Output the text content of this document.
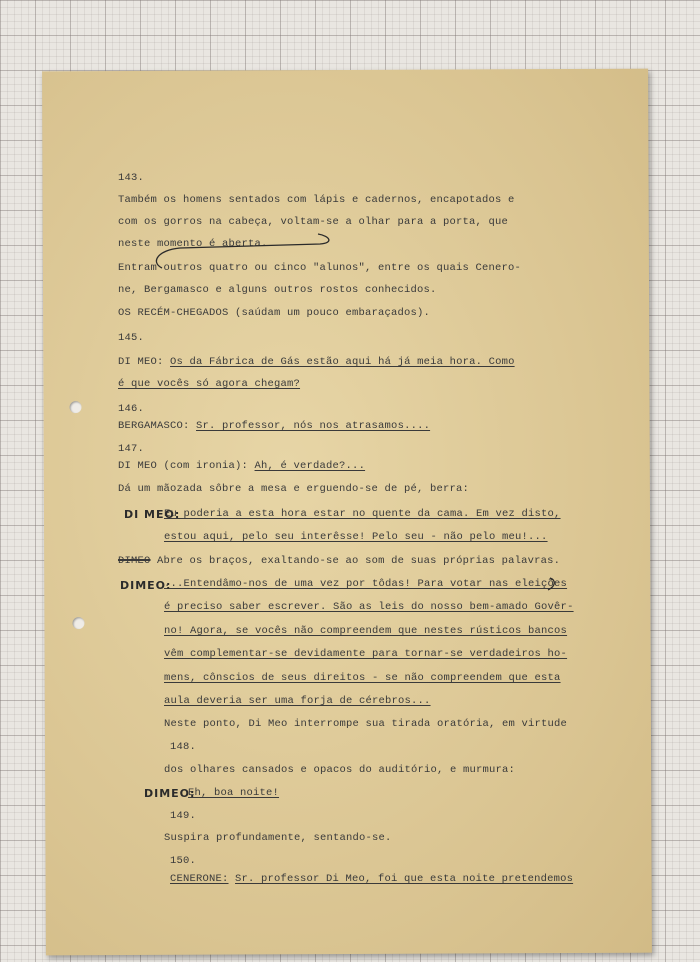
143.
Também os homens sentados com lápis e cadernos, encapotados e
com os gorros na cabeça, voltam-se a olhar para a porta, que
neste momento é aberta.
Entram outros quatro ou cinco "alunos", entre os quais Cenero-
ne, Bergamasco e alguns outros rostos conhecidos.
OS RECÉM-CHEGADOS (saúdam um pouco embaraçados).
145.
DI MEO: Os da Fábrica de Gás estão aqui há já meia hora. Como
é que vocês só agora chegam?
146.
BERGAMASCO: Sr. professor, nós nos atrasamos....
147.
DI MEO (com ironia): Ah, é verdade?...
Dá um mãozada sôbre a mesa e erguendo-se de pé, berra:
Eu poderia a esta hora estar no quente da cama. Em vez disto,
estou aqui, pelo seu interêsse! Pelo seu - não pelo meu!...
DIMEO Abre os braços, exaltando-se ao som de suas próprias palavras.
...Entendâmo-nos de uma vez por tôdas! Para votar nas eleições
é preciso saber escrever. São as leis do nosso bem-amado Govêr-
no! Agora, se vocês não compreendem que nestes rústicos bancos
vêm complementar-se devidamente para tornar-se verdadeiros ho-
mens, cônscios de seus direitos - se não compreendem que esta
aula deveria ser uma forja de cérebros...
Neste ponto, Di Meo interrompe sua tirada oratória, em virtude
148.
dos olhares cansados e opacos do auditório, e murmura:
Eh, boa noite!
149.
Suspira profundamente, sentando-se.
150.
CENERONE: Sr. professor Di Meo, foi que esta noite pretendemos
DI MEO:
DIMEO:
DIMEO:
